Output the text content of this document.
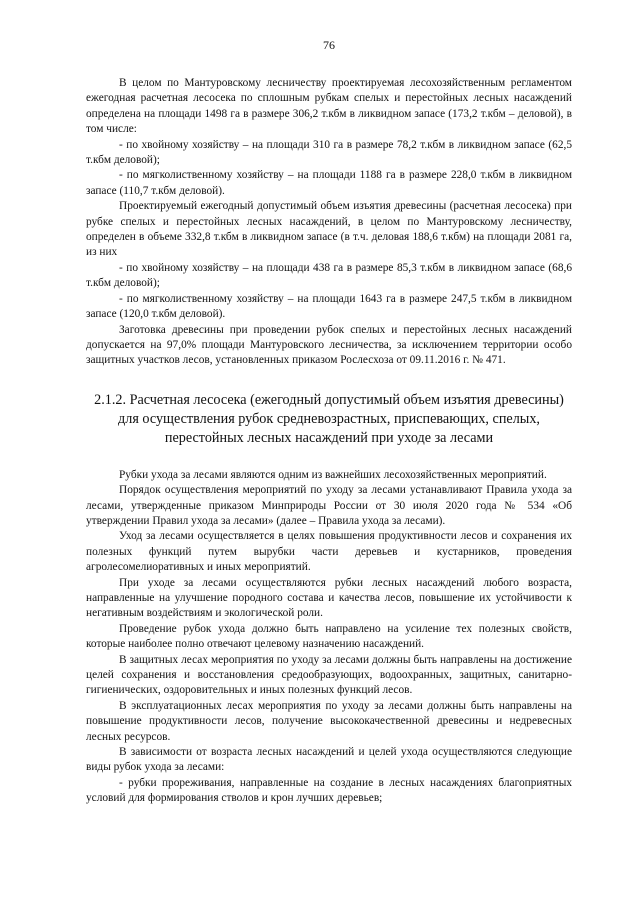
76

В целом по Мантуровскому лесничеству проектируемая лесохозяйственным регламентом ежегодная расчетная лесосека по сплошным рубкам спелых и перестойных лесных насаждений определена на площади 1498 га в размере 306,2 т.кбм в ликвидном запасе (173,2 т.кбм – деловой), в том числе:

- по хвойному хозяйству – на площади 310 га в размере 78,2 т.кбм в ликвидном запасе (62,5 т.кбм деловой);

- по мягколиственному хозяйству – на площади 1188 га в размере 228,0 т.кбм в ликвидном запасе (110,7 т.кбм деловой).

Проектируемый ежегодный допустимый объем изъятия древесины (расчетная лесосека) при рубке спелых и перестойных лесных насаждений, в целом по Мантуровскому лесничеству, определен в объеме 332,8 т.кбм в ликвидном запасе (в т.ч. деловая 188,6 т.кбм) на площади 2081 га, из них

- по хвойному хозяйству – на площади 438 га в размере 85,3 т.кбм в ликвидном запасе (68,6 т.кбм деловой);

- по мягколиственному хозяйству – на площади 1643 га в размере 247,5 т.кбм в ликвидном запасе (120,0 т.кбм деловой).

Заготовка древесины при проведении рубок спелых и перестойных лесных насаждений допускается на 97,0% площади Мантуровского лесничества, за исключением территории особо защитных участков лесов, установленных приказом Рослесхоза от 09.11.2016 г. № 471.

2.1.2. Расчетная лесосека (ежегодный допустимый объем изъятия древесины) для осуществления рубок средневозрастных, приспевающих, спелых, перестойных лесных насаждений при уходе за лесами

Рубки ухода за лесами являются одним из важнейших лесохозяйственных мероприятий.

Порядок осуществления мероприятий по уходу за лесами устанавливают Правила ухода за лесами, утвержденные приказом Минприроды России от 30 июля 2020 года № 534 «Об утверждении Правил ухода за лесами» (далее – Правила ухода за лесами).

Уход за лесами осуществляется в целях повышения продуктивности лесов и сохранения их полезных функций путем вырубки части деревьев и кустарников, проведения агролесомелиоративных и иных мероприятий.

При уходе за лесами осуществляются рубки лесных насаждений любого возраста, направленные на улучшение породного состава и качества лесов, повышение их устойчивости к негативным воздействиям и экологической роли.

Проведение рубок ухода должно быть направлено на усиление тех полезных свойств, которые наиболее полно отвечают целевому назначению насаждений.

В защитных лесах мероприятия по уходу за лесами должны быть направлены на достижение целей сохранения и восстановления средообразующих, водоохранных, защитных, санитарно-гигиенических, оздоровительных и иных полезных функций лесов.

В эксплуатационных лесах мероприятия по уходу за лесами должны быть направлены на повышение продуктивности лесов, получение высококачественной древесины и недревесных лесных ресурсов.

В зависимости от возраста лесных насаждений и целей ухода осуществляются следующие виды рубок ухода за лесами:

- рубки прореживания, направленные на создание в лесных насаждениях благоприятных условий для формирования стволов и крон лучших деревьев;
